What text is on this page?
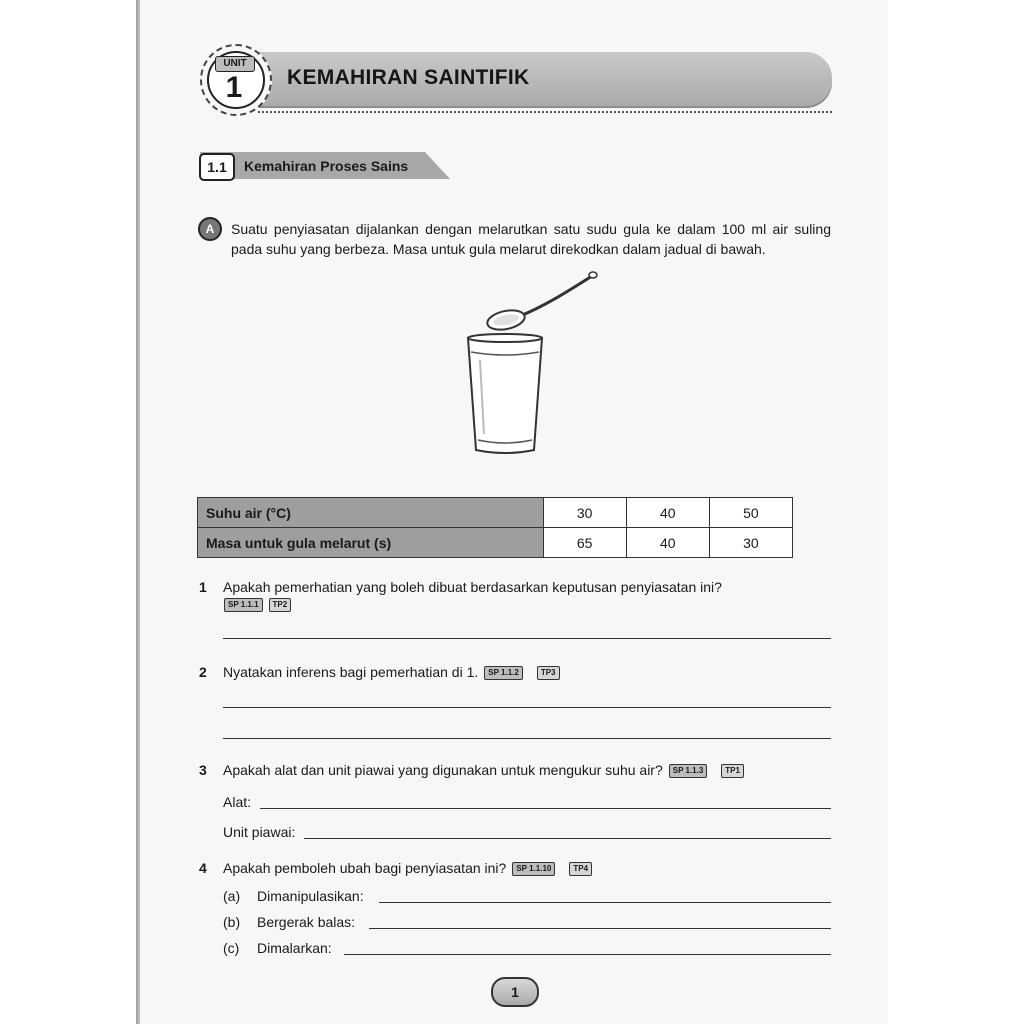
KEMAHIRAN SAINTIFIK
UNIT
1
1.1	Kemahiran Proses Sains
A	Suatu penyiasatan dijalankan dengan melarutkan satu sudu gula ke dalam 100 ml air suling pada suhu yang berbeza. Masa untuk gula melarut direkodkan dalam jadual di bawah.
Suhu air (°C)	30	40	50
Masa untuk gula melarut (s)	65	40	30
1 Apakah pemerhatian yang boleh dibuat berdasarkan keputusan penyiasatan ini?
SP 1.1.1 TP2
2 Nyatakan inferens bagi pemerhatian di 1. SP 1.1.2	TP3
3 Apakah alat dan unit piawai yang digunakan untuk mengukur suhu air? SP 1.1.3	TP1
Alat:
Unit piawai:
4 Apakah pemboleh ubah bagi penyiasatan ini? SP 1.1.10	TP4
(a) Dimanipulasikan:
(b) Bergerak balas:
(c) Dimalarkan:
1
